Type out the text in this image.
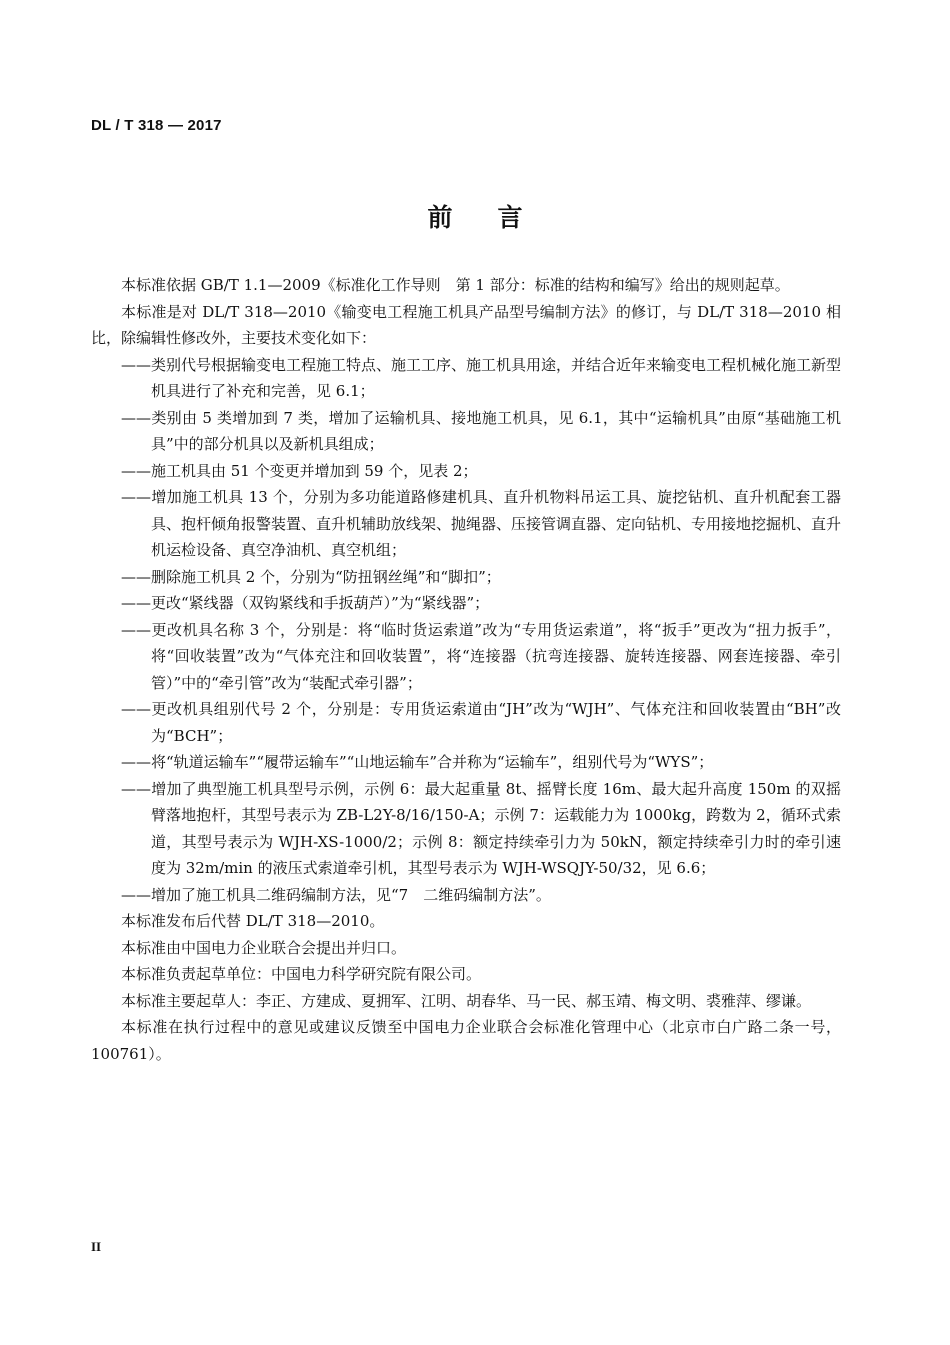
DL / T 318 — 2017
前言

本标准依据 GB/T 1.1—2009《标准化工作导则　第 1 部分：标准的结构和编写》给出的规则起草。

本标准是对 DL/T 318—2010《输变电工程施工机具产品型号编制方法》的修订，与 DL/T 318—2010 相比，除编辑性修改外，主要技术变化如下：

——类别代号根据输变电工程施工特点、施工工序、施工机具用途，并结合近年来输变电工程机械化施工新型机具进行了补充和完善，见 6.1；

——类别由 5 类增加到 7 类，增加了运输机具、接地施工机具，见 6.1，其中“运输机具”由原“基础施工机具”中的部分机具以及新机具组成；

——施工机具由 51 个变更并增加到 59 个，见表 2；

——增加施工机具 13 个，分别为多功能道路修建机具、直升机物料吊运工具、旋挖钻机、直升机配套工器具、抱杆倾角报警装置、直升机辅助放线架、抛绳器、压接管调直器、定向钻机、专用接地挖掘机、直升机运检设备、真空净油机、真空机组；

——删除施工机具 2 个，分别为“防扭钢丝绳”和“脚扣”；

——更改“紧线器（双钩紧线和手扳葫芦）”为“紧线器”；

——更改机具名称 3 个，分别是：将“临时货运索道”改为“专用货运索道”，将“扳手”更改为“扭力扳手”，将“回收装置”改为“气体充注和回收装置”，将“连接器（抗弯连接器、旋转连接器、网套连接器、牵引管）”中的“牵引管”改为“装配式牵引器”；

——更改机具组别代号 2 个，分别是：专用货运索道由“JH”改为“WJH”、气体充注和回收装置由“BH”改为“BCH”；

——将“轨道运输车”“履带运输车”“山地运输车”合并称为“运输车”，组别代号为“WYS”；

——增加了典型施工机具型号示例，示例 6：最大起重量 8t、摇臂长度 16m、最大起升高度 150m 的双摇臂落地抱杆，其型号表示为 ZB-L2Y-8/16/150-A；示例 7：运载能力为 1000kg，跨数为 2，循环式索道，其型号表示为 WJH-XS-1000/2；示例 8：额定持续牵引力为 50kN，额定持续牵引力时的牵引速度为 32m/min 的液压式索道牵引机，其型号表示为 WJH-WSQJY-50/32，见 6.6；

——增加了施工机具二维码编制方法，见“7　二维码编制方法”。

本标准发布后代替 DL/T 318—2010。

本标准由中国电力企业联合会提出并归口。

本标准负责起草单位：中国电力科学研究院有限公司。

本标准主要起草人：李正、方建成、夏拥军、江明、胡春华、马一民、郝玉靖、梅文明、裘雅萍、缪谦。

本标准在执行过程中的意见或建议反馈至中国电力企业联合会标准化管理中心（北京市白广路二条一号，100761）。

II
